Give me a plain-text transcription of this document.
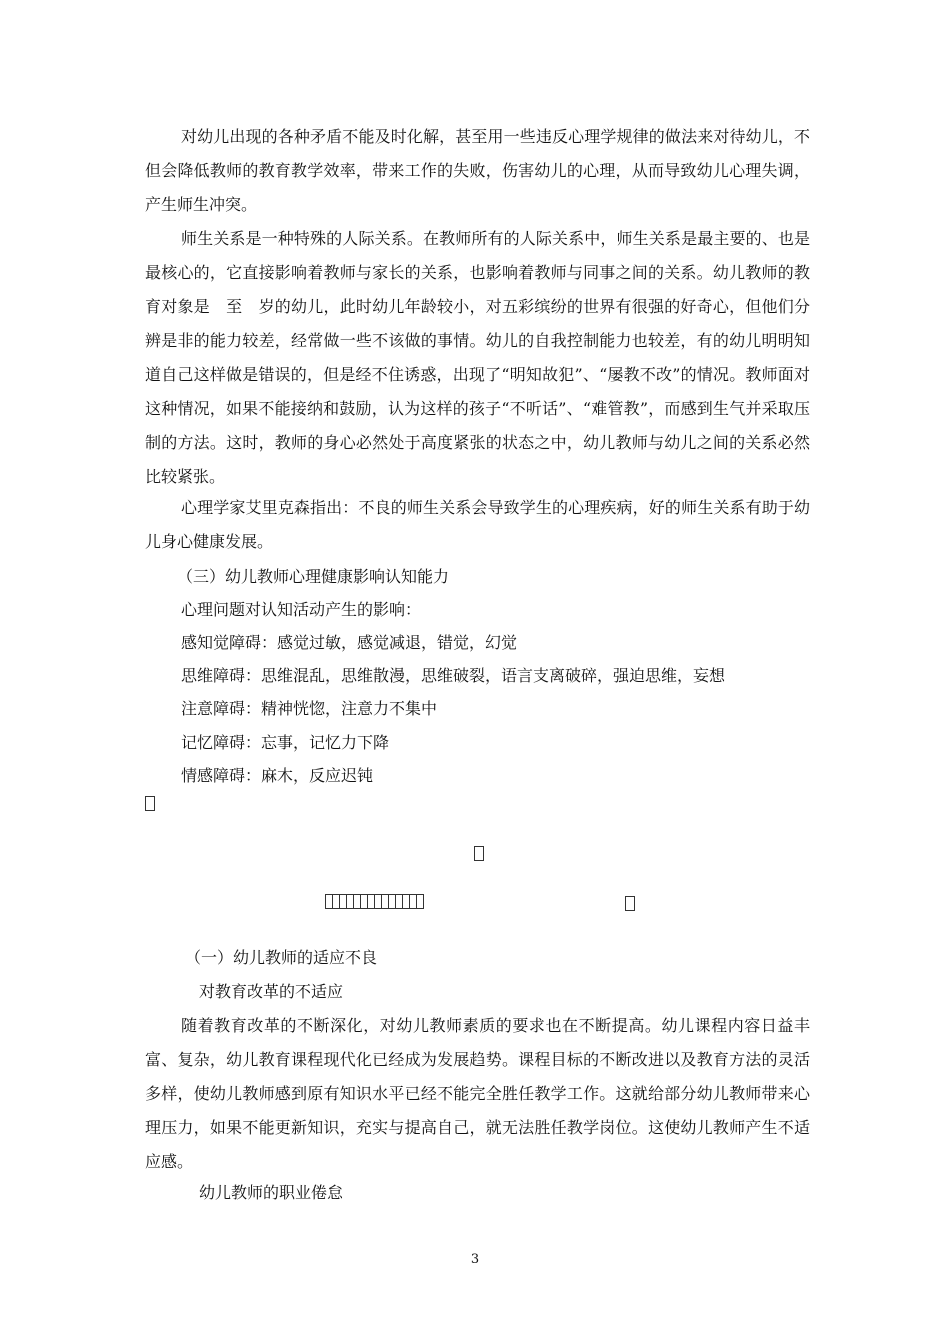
对幼儿出现的各种矛盾不能及时化解，甚至用一些违反心理学规律的做法来对待幼儿，不但会降低教师的教育教学效率，带来工作的失败，伤害幼儿的心理，从而导致幼儿心理失调，产生师生冲突。

师生关系是一种特殊的人际关系。在教师所有的人际关系中，师生关系是最主要的、也是最核心的，它直接影响着教师与家长的关系，也影响着教师与同事之间的关系。幼儿教师的教育对象是　至　岁的幼儿，此时幼儿年龄较小，对五彩缤纷的世界有很强的好奇心，但他们分辨是非的能力较差，经常做一些不该做的事情。幼儿的自我控制能力也较差，有的幼儿明明知道自己这样做是错误的，但是经不住诱惑，出现了“明知故犯”、“屡教不改”的情况。教师面对这种情况，如果不能接纳和鼓励，认为这样的孩子“不听话”、“难管教”，而感到生气并采取压制的方法。这时，教师的身心必然处于高度紧张的状态之中，幼儿教师与幼儿之间的关系必然比较紧张。

心理学家艾里克森指出：不良的师生关系会导致学生的心理疾病，好的师生关系有助于幼儿身心健康发展。

（三）幼儿教师心理健康影响认知能力

心理问题对认知活动产生的影响：

感知觉障碍：感觉过敏，感觉减退，错觉，幻觉

思维障碍：思维混乱，思维散漫，思维破裂，语言支离破碎，强迫思维，妄想

注意障碍：精神恍惚，注意力不集中

记忆障碍：忘事，记忆力下降

情感障碍：麻木，反应迟钝

（一）幼儿教师的适应不良

对教育改革的不适应

随着教育改革的不断深化，对幼儿教师素质的要求也在不断提高。幼儿课程内容日益丰富、复杂，幼儿教育课程现代化已经成为发展趋势。课程目标的不断改进以及教育方法的灵活多样，使幼儿教师感到原有知识水平已经不能完全胜任教学工作。这就给部分幼儿教师带来心理压力，如果不能更新知识，充实与提高自己，就无法胜任教学岗位。这使幼儿教师产生不适应感。

幼儿教师的职业倦怠

3
